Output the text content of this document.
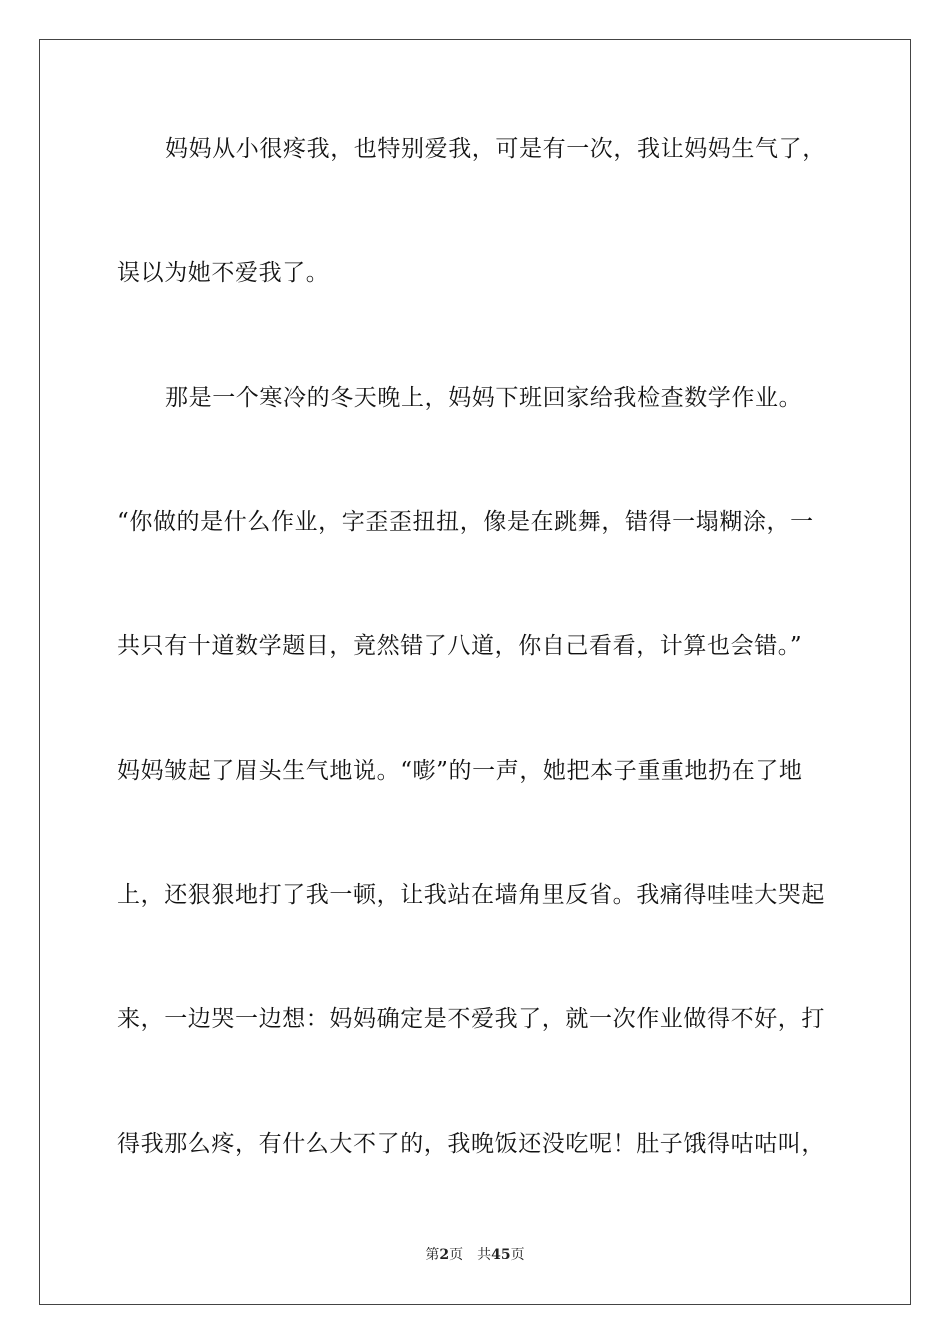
妈妈从小很疼我，也特别爱我，可是有一次，我让妈妈生气了，
误以为她不爱我了。
那是一个寒冷的冬天晚上，妈妈下班回家给我检查数学作业。
“你做的是什么作业，字歪歪扭扭，像是在跳舞，错得一塌糊涂，一
共只有十道数学题目，竟然错了八道，你自己看看，计算也会错。”
妈妈皱起了眉头生气地说。“嘭”的一声，她把本子重重地扔在了地
上，还狠狠地打了我一顿，让我站在墙角里反省。我痛得哇哇大哭起
来，一边哭一边想：妈妈确定是不爱我了，就一次作业做得不好，打
得我那么疼，有什么大不了的，我晚饭还没吃呢！肚子饿得咕咕叫，
第2页 共45页
